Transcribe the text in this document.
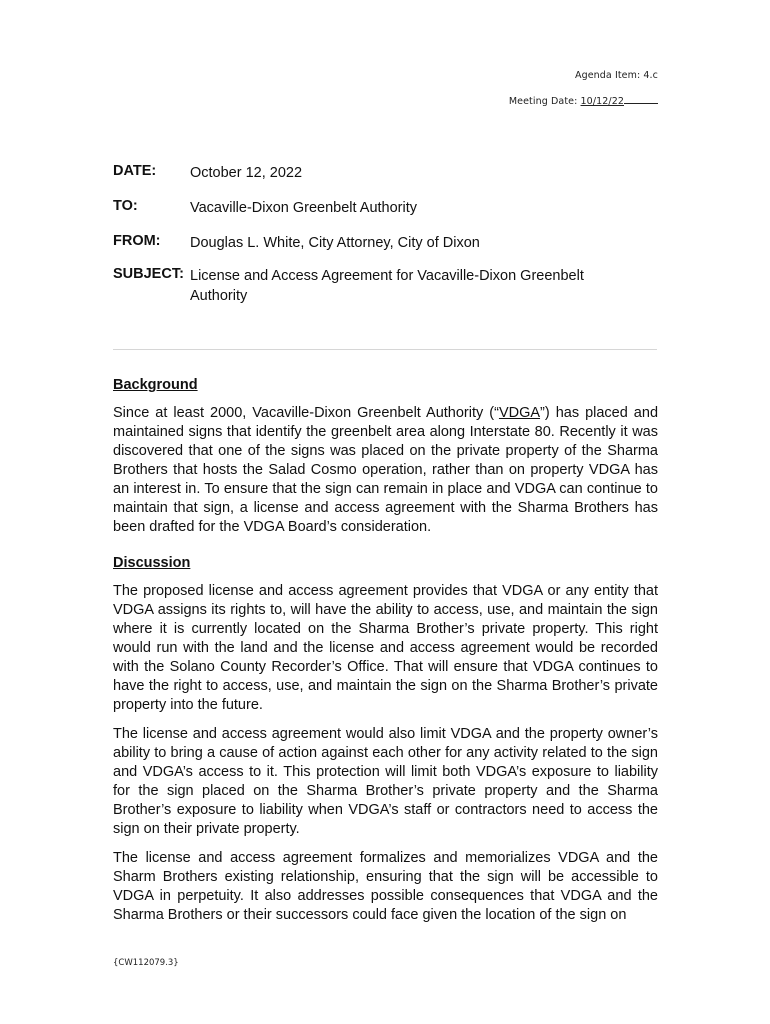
Agenda Item: 4.c
Meeting Date: 10/12/22
DATE: October 12, 2022
TO:	Vacaville-Dixon Greenbelt Authority
FROM: Douglas L. White, City Attorney, City of Dixon
SUBJECT: License and Access Agreement for Vacaville-Dixon Greenbelt Authority
Background
Since at least 2000, Vacaville-Dixon Greenbelt Authority (“VDGA”) has placed and maintained signs that identify the greenbelt area along Interstate 80. Recently it was discovered that one of the signs was placed on the private property of the Sharma Brothers that hosts the Salad Cosmo operation, rather than on property VDGA has an interest in. To ensure that the sign can remain in place and VDGA can continue to maintain that sign, a license and access agreement with the Sharma Brothers has been drafted for the VDGA Board’s consideration.
Discussion
The proposed license and access agreement provides that VDGA or any entity that VDGA assigns its rights to, will have the ability to access, use, and maintain the sign where it is currently located on the Sharma Brother’s private property. This right would run with the land and the license and access agreement would be recorded with the Solano County Recorder’s Office. That will ensure that VDGA continues to have the right to access, use, and maintain the sign on the Sharma Brother’s private property into the future.
The license and access agreement would also limit VDGA and the property owner’s ability to bring a cause of action against each other for any activity related to the sign and VDGA’s access to it. This protection will limit both VDGA’s exposure to liability for the sign placed on the Sharma Brother’s private property and the Sharma Brother’s exposure to liability when VDGA’s staff or contractors need to access the sign on their private property.
The license and access agreement formalizes and memorializes VDGA and the Sharm Brothers existing relationship, ensuring that the sign will be accessible to VDGA in perpetuity. It also addresses possible consequences that VDGA and the Sharma Brothers or their successors could face given the location of the sign on
{CW112079.3}
